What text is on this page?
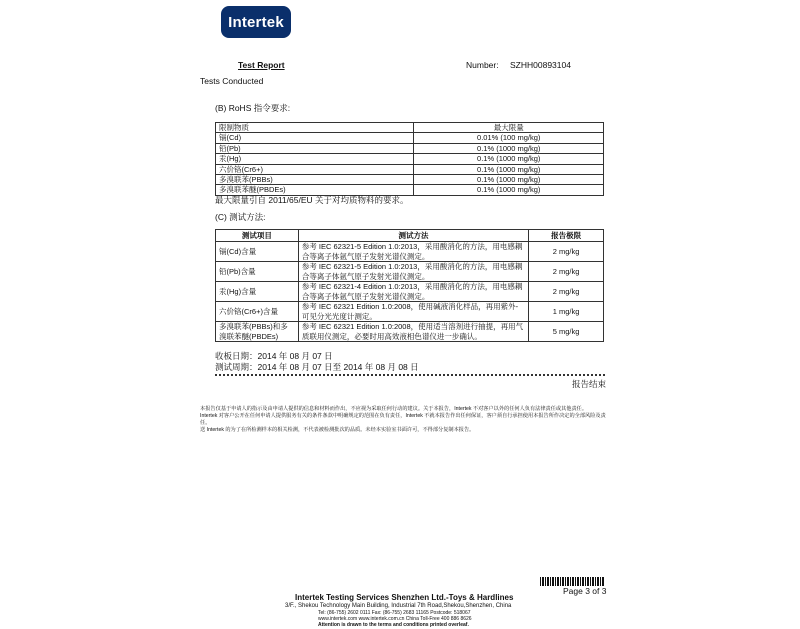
Intertek
Test Report	Number: SZHH00893104
Tests Conducted
(B) RoHS 指令要求:
限制物质	最大限量
镉(Cd)	0.01% (100 mg/kg)
铅(Pb)	0.1% (1000 mg/kg)
汞(Hg)	0.1% (1000 mg/kg)
六价铬(Cr6+)	0.1% (1000 mg/kg)
多溴联苯(PBBs)	0.1% (1000 mg/kg)
多溴联苯醚(PBDEs)	0.1% (1000 mg/kg)
最大限量引自 2011/65/EU 关于对均质物料的要求。
(C) 测试方法:
测试项目	测试方法	报告极限
镉(Cd)含量	参考 IEC 62321-5 Edition 1.0:2013，采用酸消化的方法，用电感耦合等离子体氩气原子发射光谱仪测定。	2 mg/kg
铅(Pb)含量	参考 IEC 62321-5 Edition 1.0:2013，采用酸消化的方法，用电感耦合等离子体氩气原子发射光谱仪测定。	2 mg/kg
汞(Hg)含量	参考 IEC 62321-4 Edition 1.0:2013，采用酸消化的方法，用电感耦合等离子体氩气原子发射光谱仪测定。	2 mg/kg
六价铬(Cr6+)含量	参考 IEC 62321 Edition 1.0:2008，使用碱液消化样品，再用紫外-可见分光光度计测定。	1 mg/kg
多溴联苯(PBBs)和多溴联苯醚(PBDEs)	参考 IEC 62321 Edition 1.0:2008，使用适当溶剂进行抽提，再用气质联用仪测定，必要时用高效液相色谱仪进一步确认。	5 mg/kg
收板日期：2014 年 08 月 07 日
测试周期：2014 年 08 月 07 日至 2014 年 08 月 08 日
报告结束
本报告仅基于申请人的指示及由申请人提供的信息和材料而作出，不应视为采取任何行动的建议。关于本报告，Intertek 不对客户以外的任何人负有法律责任或其他责任。
Intertek 对客户公开在任何申请人提供服务有关的条件条款中明确规定的范围在负有责任，Intertek 不就本报告作出任何保证，客户须自行承担使用本报告所作决定的全部风险及责任。
送 Intertek 的为了在所检测样本的相关检测，不代表被检测批次的品质。未经本实验室书面许可，不得部分复制本报告。
Page 3 of 3
Intertek Testing Services Shenzhen Ltd.-Toys & Hardlines
3/F., Shekou Technology Main Building, Industrial 7th Road,Shekou,Shenzhen, China
Tel: (86-755) 2602 0111 Fax: (86-755) 2683 11165 Postcode: 518067
www.intertek.com www.intertek.com.cn China Toll-Free 400 886 8626
Attention is drawn to the terms and conditions printed overleaf.
